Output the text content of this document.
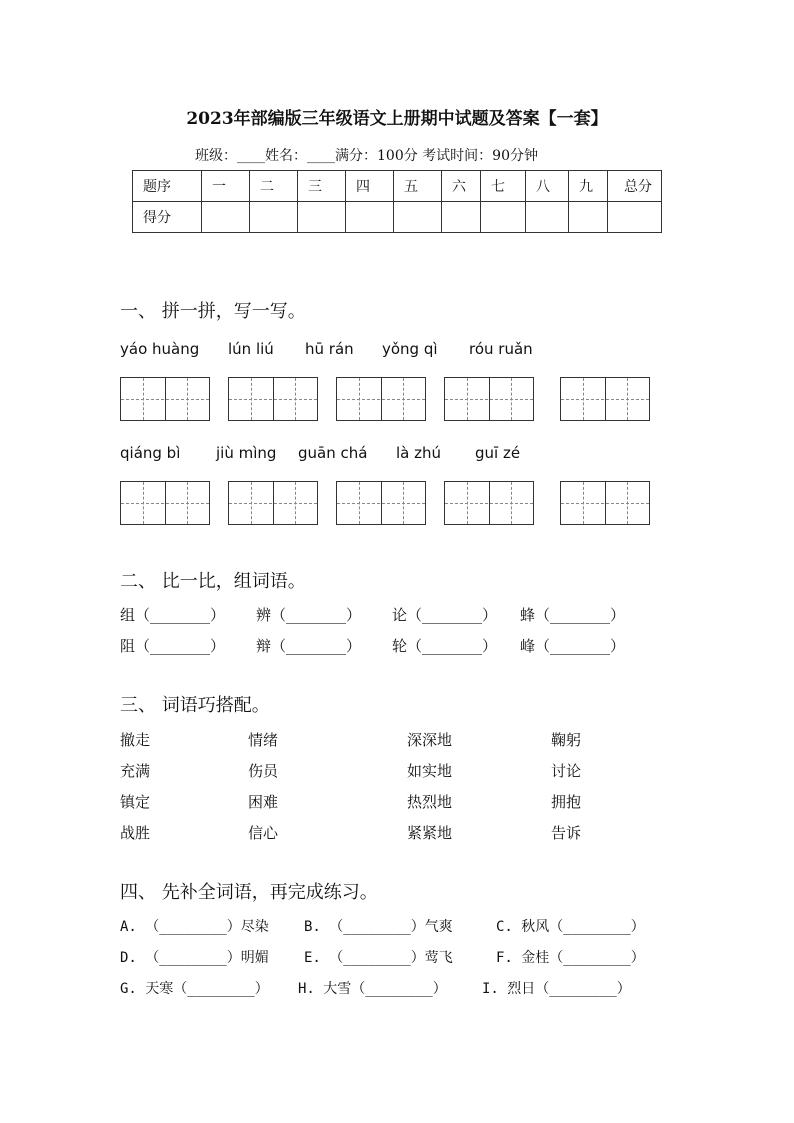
2023年部编版三年级语文上册期中试题及答案【一套】
班级：____姓名：____满分：100分 考试时间：90分钟
题序	一	二	三	四	五	六	七	八	九	总分
得分										
一、 拼一拼，写一写。
yáo huàng lún liú hū rán yǒng qì róu ruǎn
qiáng bì jiù mìng guān chá là zhú guī zé
二、 比一比，组词语。
组（________） 辨（________） 论（________） 蜂（________）
阻（________） 辩（________） 轮（________） 峰（________）
三、 词语巧搭配。
撤走	情绪	深深地	鞠躬
充满	伤员	如实地	讨论
镇定	困难	热烈地	拥抱
战胜	信心	紧紧地	告诉
四、 先补全词语，再完成练习。
A. （________）尽染	B. （________）气爽	C. 秋风（________）
D. （________）明媚	E. （________）莺飞	F. 金桂（________）
G. 天寒（________） H. 大雪（________）	I. 烈日（________）
